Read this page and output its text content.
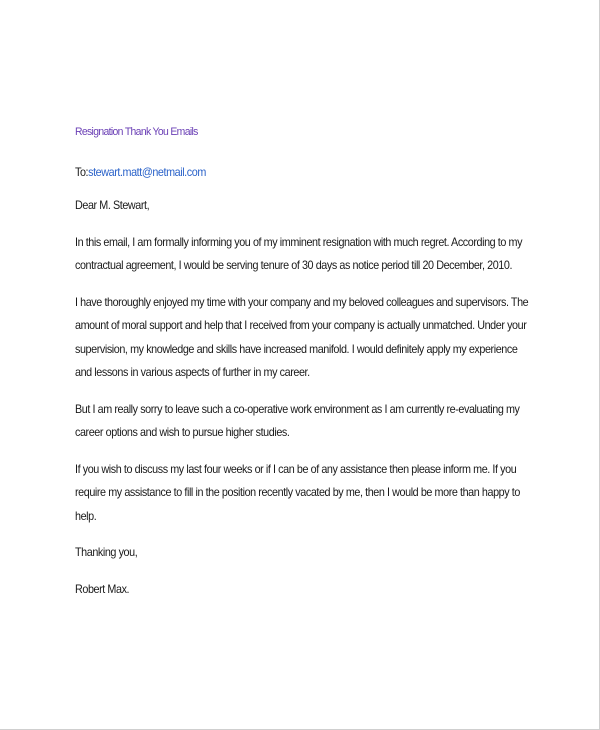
Resignation Thank You Emails
To:stewart.matt@netmail.com

Dear M. Stewart,

In this email, I am formally informing you of my imminent resignation with much regret. According to my contractual agreement, I would be serving tenure of 30 days as notice period till 20 December, 2010.

I have thoroughly enjoyed my time with your company and my beloved colleagues and supervisors. The amount of moral support and help that I received from your company is actually unmatched. Under your supervision, my knowledge and skills have increased manifold. I would definitely apply my experience and lessons in various aspects of further in my career.

But I am really sorry to leave such a co-operative work environment as I am currently re-evaluating my career options and wish to pursue higher studies.

If you wish to discuss my last four weeks or if I can be of any assistance then please inform me. If you require my assistance to fill in the position recently vacated by me, then I would be more than happy to help.

Thanking you,

Robert Max.
